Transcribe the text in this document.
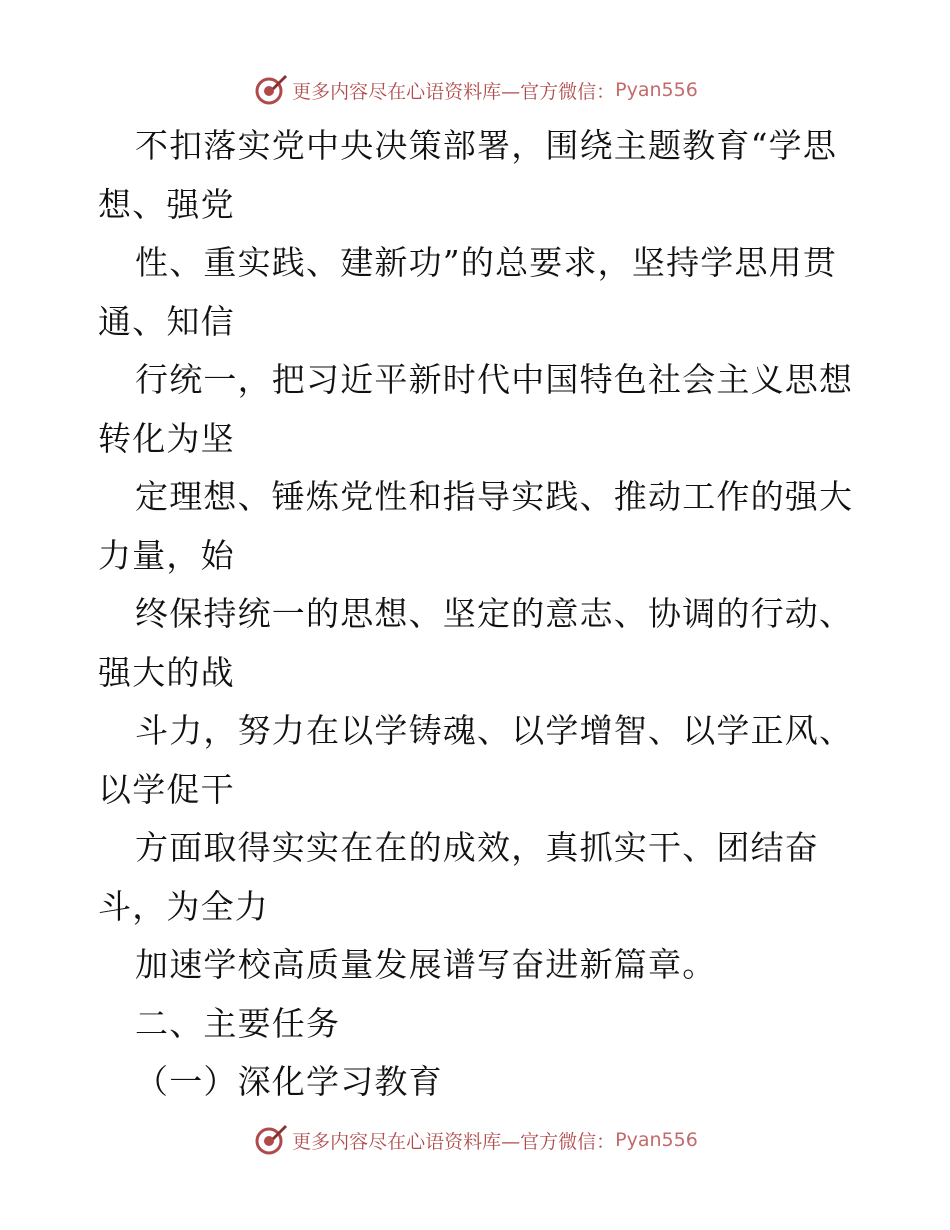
更多内容尽在心语资料库—官方微信： Pyan556
不扣落实党中央决策部署，围绕主题教育“学思
想、强党
性、重实践、建新功”的总要求，坚持学思用贯
通、知信
行统一，把习近平新时代中国特色社会主义思想
转化为坚
定理想、锤炼党性和指导实践、推动工作的强大
力量，始
终保持统一的思想、坚定的意志、协调的行动、
强大的战
斗力，努力在以学铸魂、以学增智、以学正风、
以学促干
方面取得实实在在的成效，真抓实干、团结奋
斗，为全力
加速学校高质量发展谱写奋进新篇章。
二、主要任务
（一）深化学习教育
更多内容尽在心语资料库—官方微信： Pyan556
